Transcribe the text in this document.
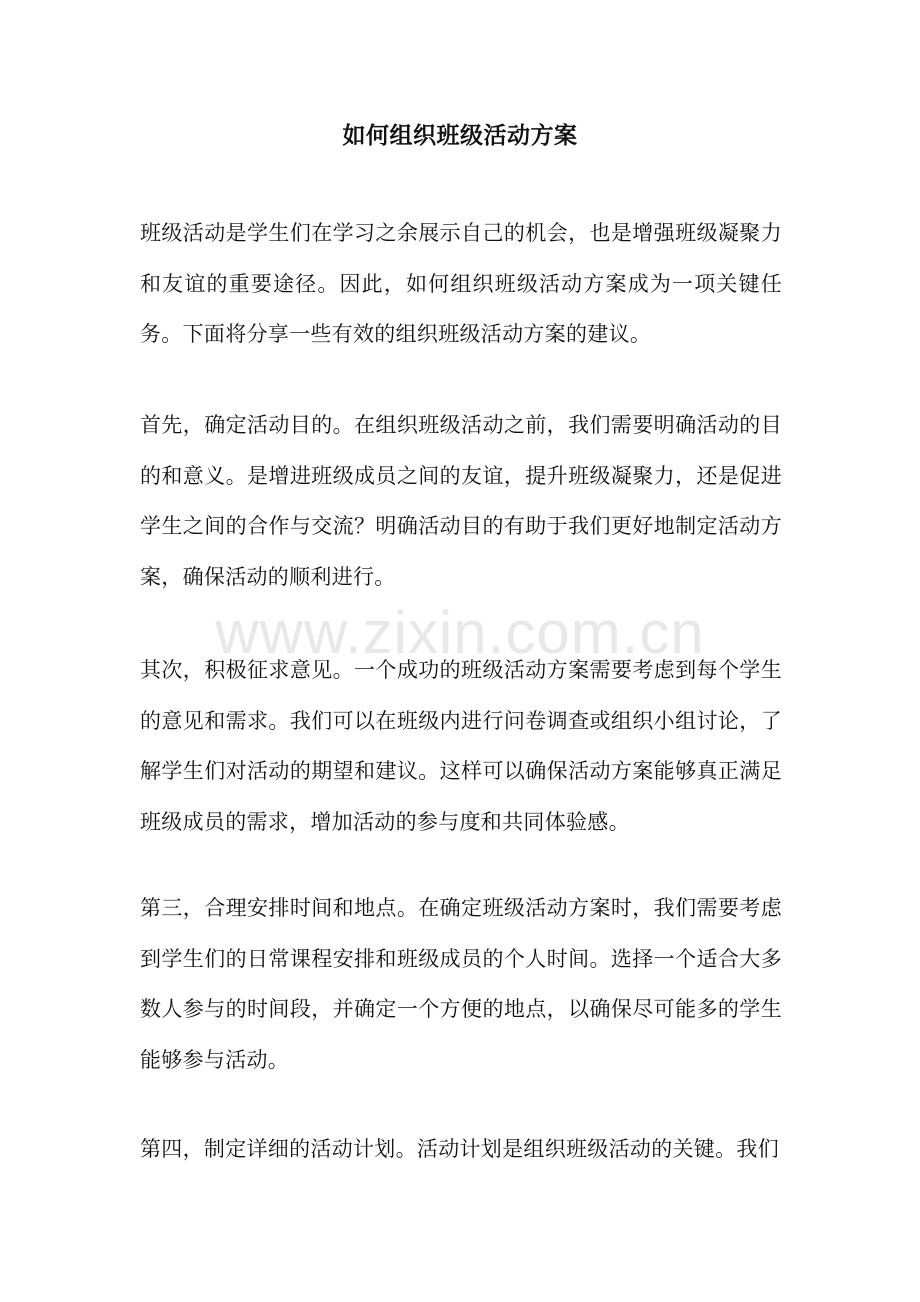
如何组织班级活动方案

班级活动是学生们在学习之余展示自己的机会，也是增强班级凝聚力和友谊的重要途径。因此，如何组织班级活动方案成为一项关键任务。下面将分享一些有效的组织班级活动方案的建议。

首先，确定活动目的。在组织班级活动之前，我们需要明确活动的目的和意义。是增进班级成员之间的友谊，提升班级凝聚力，还是促进学生之间的合作与交流？明确活动目的有助于我们更好地制定活动方案，确保活动的顺利进行。

其次，积极征求意见。一个成功的班级活动方案需要考虑到每个学生的意见和需求。我们可以在班级内进行问卷调查或组织小组讨论，了解学生们对活动的期望和建议。这样可以确保活动方案能够真正满足班级成员的需求，增加活动的参与度和共同体验感。

第三，合理安排时间和地点。在确定班级活动方案时，我们需要考虑到学生们的日常课程安排和班级成员的个人时间。选择一个适合大多数人参与的时间段，并确定一个方便的地点，以确保尽可能多的学生能够参与活动。

第四，制定详细的活动计划。活动计划是组织班级活动的关键。我们

www.zixin.com.cn
